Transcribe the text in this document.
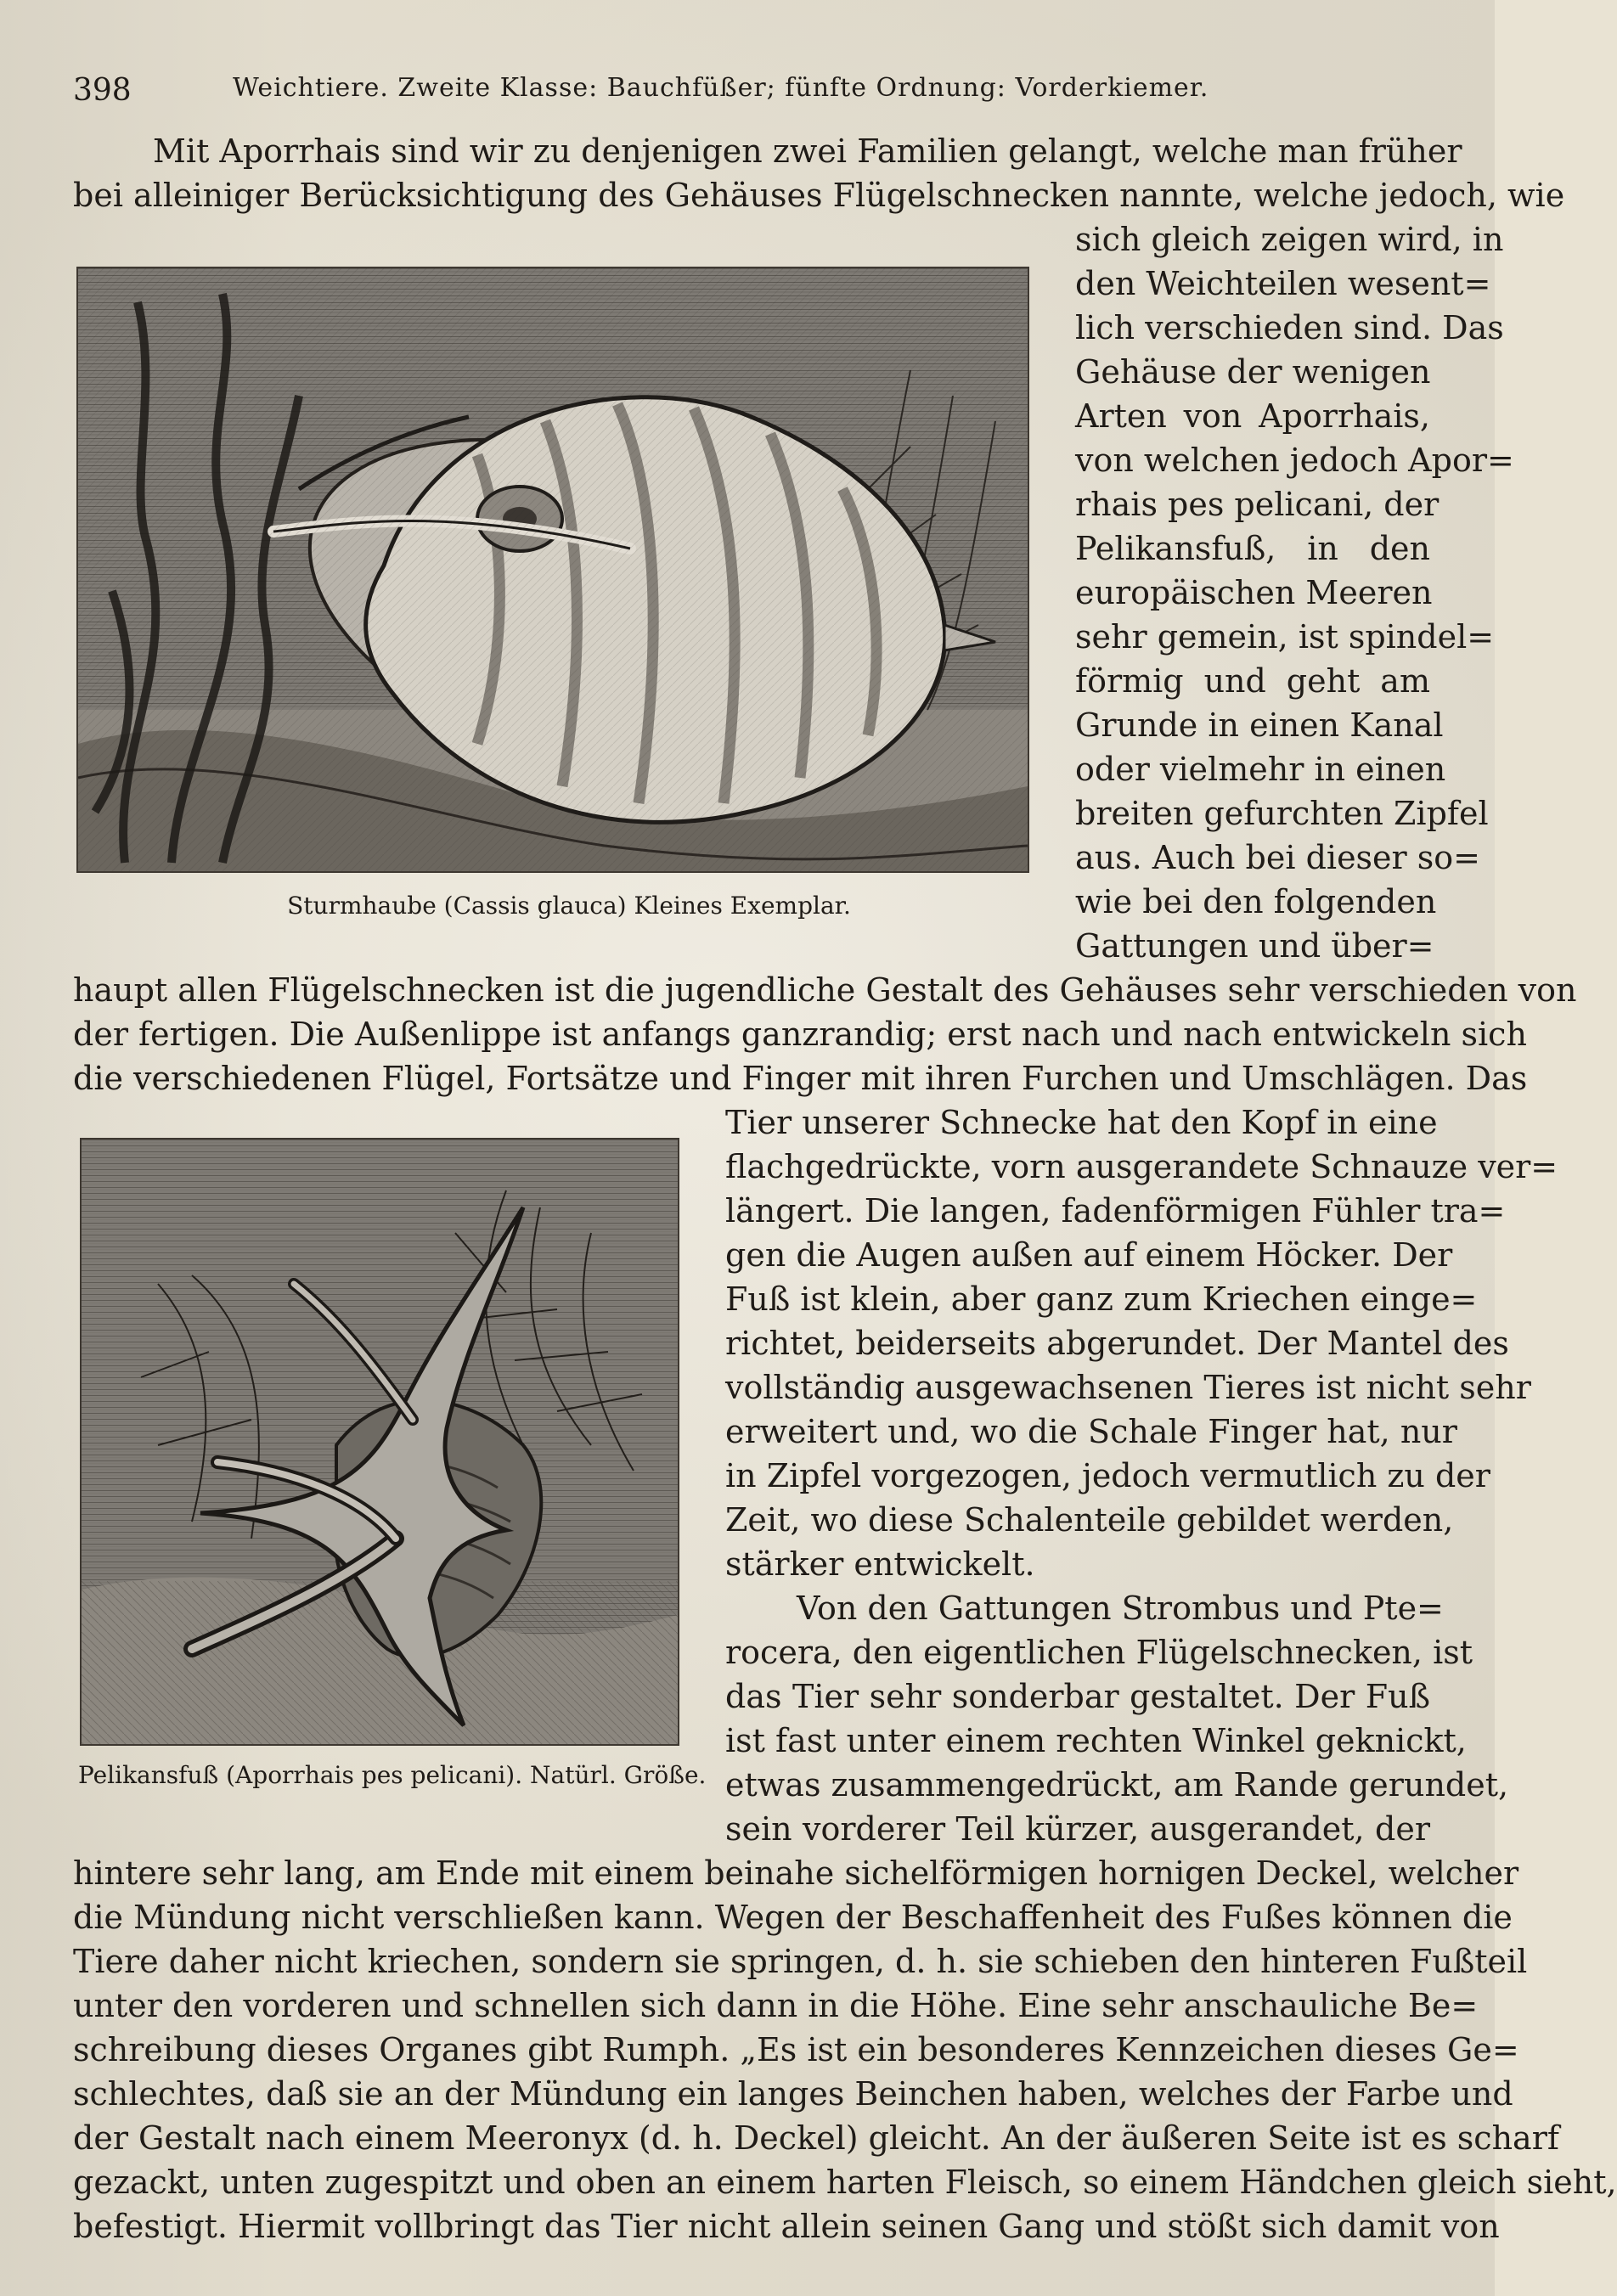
398	Weichtiere. Zweite Klasse: Bauchfüßer; fünfte Ordnung: Vorderkiemer.
Mit Aporrhais sind wir zu denjenigen zwei Familien gelangt, welche man früher
bei alleiniger Berücksichtigung des Gehäuses Flügelschnecken nannte, welche jedoch, wie
sich gleich zeigen wird, in
den Weichteilen wesent=
lich verschieden sind. Das
Gehäuse der wenigen
Arten von Aporrhais,
von welchen jedoch Apor=
rhais pes pelicani, der
Pelikansfuß, in den
europäischen Meeren
sehr gemein, ist spindel=
förmig und geht am
Grunde in einen Kanal
oder vielmehr in einen
breiten gefurchten Zipfel
aus. Auch bei dieser so=
wie bei den folgenden
Gattungen und über=
Sturmhaube (Cassis glauca) Kleines Exemplar.
haupt allen Flügelschnecken ist die jugendliche Gestalt des Gehäuses sehr verschieden von
der fertigen. Die Außenlippe ist anfangs ganzrandig; erst nach und nach entwickeln sich
die verschiedenen Flügel, Fortsätze und Finger mit ihren Furchen und Umschlägen. Das
Tier unserer Schnecke hat den Kopf in eine
flachgedrückte, vorn ausgerandete Schnauze ver=
längert. Die langen, fadenförmigen Fühler tra=
gen die Augen außen auf einem Höcker. Der
Fuß ist klein, aber ganz zum Kriechen einge=
richtet, beiderseits abgerundet. Der Mantel des
vollständig ausgewachsenen Tieres ist nicht sehr
erweitert und, wo die Schale Finger hat, nur
in Zipfel vorgezogen, jedoch vermutlich zu der
Zeit, wo diese Schalenteile gebildet werden,
stärker entwickelt.
Von den Gattungen Strombus und Pte=
rocera, den eigentlichen Flügelschnecken, ist
das Tier sehr sonderbar gestaltet. Der Fuß
ist fast unter einem rechten Winkel geknickt,
etwas zusammengedrückt, am Rande gerundet,
sein vorderer Teil kürzer, ausgerandet, der
Pelikansfuß (Aporrhais pes pelicani). Natürl. Größe.
hintere sehr lang, am Ende mit einem beinahe sichelförmigen hornigen Deckel, welcher
die Mündung nicht verschließen kann. Wegen der Beschaffenheit des Fußes können die
Tiere daher nicht kriechen, sondern sie springen, d. h. sie schieben den hinteren Fußteil
unter den vorderen und schnellen sich dann in die Höhe. Eine sehr anschauliche Be=
schreibung dieses Organes gibt Rumph. „Es ist ein besonderes Kennzeichen dieses Ge=
schlechtes, daß sie an der Mündung ein langes Beinchen haben, welches der Farbe und
der Gestalt nach einem Meeronyx (d. h. Deckel) gleicht. An der äußeren Seite ist es scharf
gezackt, unten zugespitzt und oben an einem harten Fleisch, so einem Händchen gleich sieht,
befestigt. Hiermit vollbringt das Tier nicht allein seinen Gang und stößt sich damit von
